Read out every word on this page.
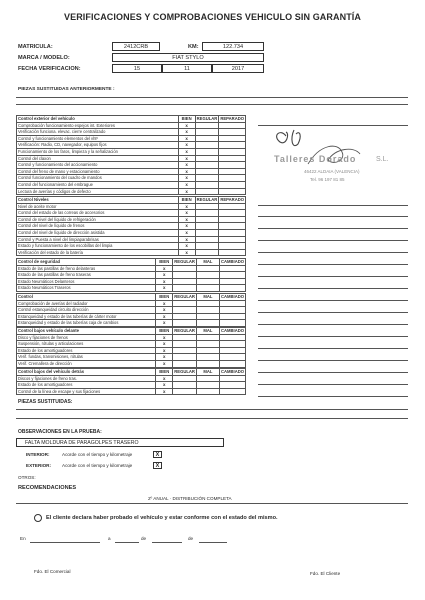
VERIFICACIONES Y COMPROBACIONES VEHICULO SIN GARANTÍA
MATRICULA:	2412CRB	KM:	122.734
MARCA / MODELO:	FIAT STYLO
FECHA VERIFICACION:	15	11	2017
PIEZAS SUSTITUIDAS ANTERIORMENTE :
Control exterior del vehículo	BIEN	REGULAR	REPARADO
Comprobación funcionamiento espejos int. Exteriores	x		
Verificación funciona. elevac. cierre centralizado	x		
Control y funcionamiento elementos del vhtº	x		
Verificación: Radio, CD, navegador, equipos fijos	x		
Funcionamiento de los faros, limpieza y la señalización	x		
Control del claxon	x		
Control y funcionamiento del accionamiento	x		
Control del freno de mano y estacionamiento	x		
Control funcionamiento del cuadro de mandos	x		
Control del funcionamiento del embrague	x		
Lectura de averías y códigos de defecto	x		
Control Niveles	BIEN	REGULAR	REPARADO
Nivel de aceite motor	x		
Control del estado de las correas de accesorios	x		
Control de nivel del líquido de refrigeración	x		
Control del nivel de líquido de frenos	x		
Control del nivel de líquido de dirección asistida	x		
Control y Puesta a nivel del limpiaparabrisas	x		
Estado y funcionamiento de los escobillas del limpia	x		
Verificación del estado de la batería	x		
Control de seguridad	BIEN	REGULAR	MAL	CAMBIADO
Estado de las pastillas de freno delanteras	x			
Estado de las pastillas de freno traseras	x			
Estado Neumáticos Delanteros	x			
Estado Neumáticos Traseros	x			
Control	BIEN	REGULAR	MAL	CAMBIADO
Comprobación de averías del radiador	x			
Control estanqueidad circuito dirección	x			
Estanqueidad y estado de las tuberías de cárter motor	x			
Estanqueidad y estado de las tuberías caja de cambios	x			
Control bajos vehículo delante	BIEN	REGULAR	MAL	CAMBIADO
Disco y fijaciones de frenos	x			
Suspensión, rótulas y articulaciones	x			
Estado de los amortiguadores	x			
Verif. fundas, transmisiones, rótulas	x			
Verif. Cremallera de dirección	x			
Control bajos del vehículo detrás	BIEN	REGULAR	MAL	CAMBIADO
Discos y fijaciones de freno tras.	x			
Estado de los amortiguadores	x			
Control de la línea de escape y sus fijaciones	x			
Talleres Dorado	S.L.
46422 ALDAIA (VALENCIA)
Tel. 96 197 81 85
PIEZAS SUSTITUIDAS:
OBSERVACIONES EN LA PRUEBA:
FALTA MOLDURA DE PARAGOLPES TRASERO
INTERIOR:	Acorde con el tiempo y kilometraje	X
EXTERIOR: Acorde con el tiempo y kilometraje	X
OTROS:
RECOMENDACIONES
2º ANUAL · DISTRIBUCIÓN COMPLETA
El cliente declara haber probado el vehículo y estar conforme con el estado del mismo.
En	a	de	de
Fdo. El Comercial	Fdo. El Cliente
